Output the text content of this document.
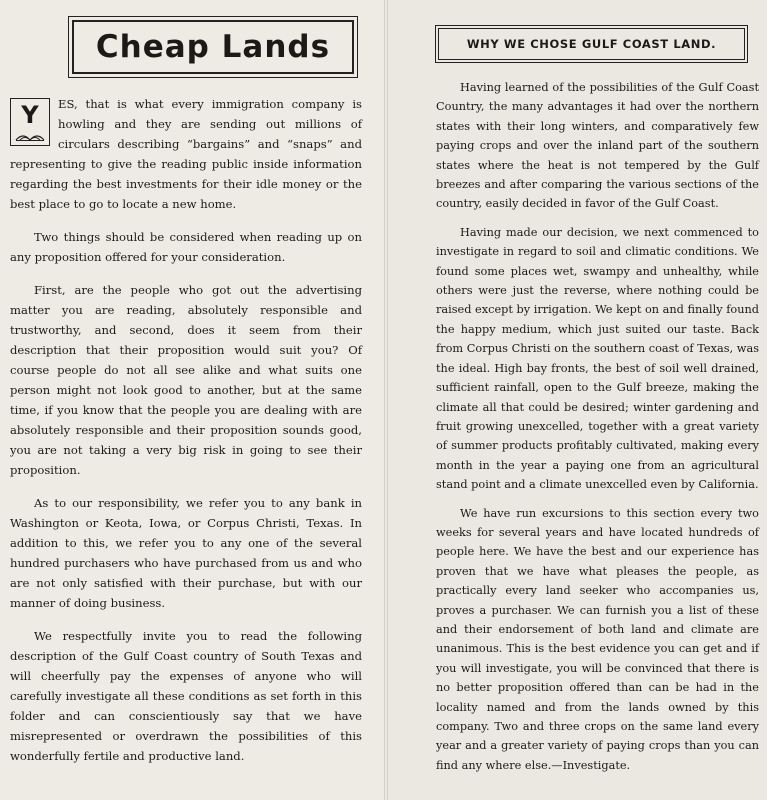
Cheap Lands

Y	ES, that is what every immigration company is howling and they are sending out millions of circulars describing “bargains” and “snaps” and representing to give the reading public inside information regarding the best investments for their idle money or the best place to go to locate a new home.

Two things should be considered when reading up on any proposition offered for your consideration.

First, are the people who got out the advertising matter you are reading, absolutely responsible and trustworthy, and second, does it seem from their description that their proposition would suit you? Of course people do not all see alike and what suits one person might not look good to another, but at the same time, if you know that the people you are dealing with are absolutely responsible and their proposition sounds good, you are not taking a very big risk in going to see their proposition.

As to our responsibility, we refer you to any bank in Washington or Keota, Iowa, or Corpus Christi, Texas. In addition to this, we refer you to any one of the several hundred purchasers who have purchased from us and who are not only satisfied with their purchase, but with our manner of doing business.

We respectfully invite you to read the following description of the Gulf Coast country of South Texas and will cheerfully pay the expenses of anyone who will carefully investigate all these conditions as set forth in this folder and can conscientiously say that we have misrepresented or overdrawn the possibilities of this wonderfully fertile and productive land.

WHY WE CHOSE GULF COAST LAND.

Having learned of the possibilities of the Gulf Coast Country, the many advantages it had over the northern states with their long winters, and comparatively few paying crops and over the inland part of the southern states where the heat is not tempered by the Gulf breezes and after comparing the various sections of the country, easily decided in favor of the Gulf Coast.

Having made our decision, we next commenced to investigate in regard to soil and climatic conditions. We found some places wet, swampy and unhealthy, while others were just the reverse, where nothing could be raised except by irrigation. We kept on and finally found the happy medium, which just suited our taste. Back from Corpus Christi on the southern coast of Texas, was the ideal. High bay fronts, the best of soil well drained, sufficient rainfall, open to the Gulf breeze, making the climate all that could be desired; winter gardening and fruit growing unexcelled, together with a great variety of summer products profitably cultivated, making every month in the year a paying one from an agricultural stand point and a climate unexcelled even by California.

We have run excursions to this section every two weeks for several years and have located hundreds of people here. We have the best and our experience has proven that we have what pleases the people, as practically every land seeker who accompanies us, proves a purchaser. We can furnish you a list of these and their endorsement of both land and climate are unanimous. This is the best evidence you can get and if you will investigate, you will be convinced that there is no better proposition offered than can be had in the locality named and from the lands owned by this company. Two and three crops on the same land every year and a greater variety of paying crops than you can find any where else.—Investigate.
